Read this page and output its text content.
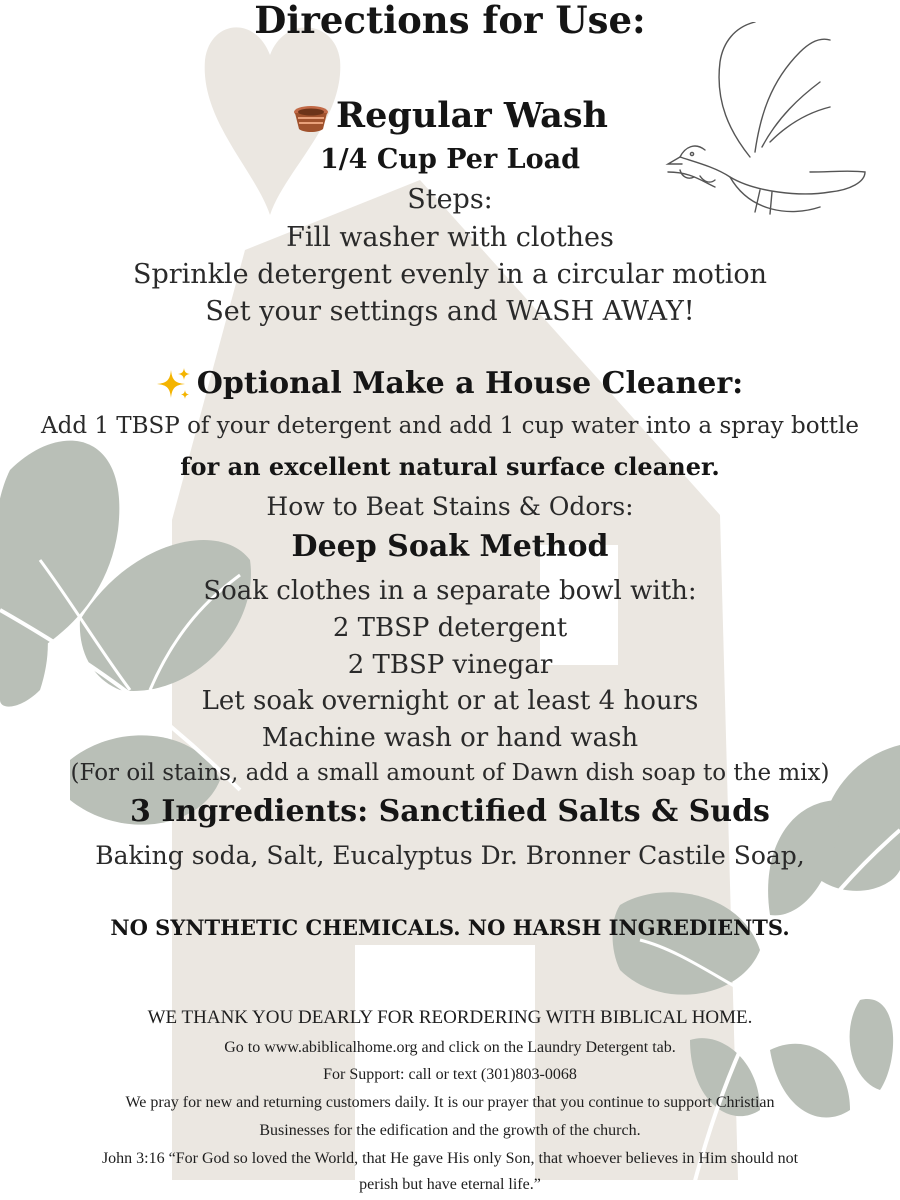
Directions for Use:
Regular Wash
1/4 Cup Per Load
Steps:
Fill washer with clothes
Sprinkle detergent evenly in a circular motion
Set your settings and WASH AWAY!
Optional Make a House Cleaner:
Add 1 TBSP of your detergent and add 1 cup water into a spray bottle
for an excellent natural surface cleaner.
How to Beat Stains & Odors:
Deep Soak Method
Soak clothes in a separate bowl with:
2 TBSP detergent
2 TBSP vinegar
Let soak overnight or at least 4 hours
Machine wash or hand wash
(For oil stains, add a small amount of Dawn dish soap to the mix)
3 Ingredients: Sanctified Salts & Suds
Baking soda, Salt, Eucalyptus Dr. Bronner Castile Soap,
NO SYNTHETIC CHEMICALS. NO HARSH INGREDIENTS.
WE THANK YOU DEARLY FOR REORDERING WITH BIBLICAL HOME.
Go to www.abiblicalhome.org and click on the Laundry Detergent tab.
For Support: call or text (301)803-0068
We pray for new and returning customers daily. It is our prayer that you continue to support Christian
Businesses for the edification and the growth of the church.
John 3:16 “For God so loved the World, that He gave His only Son, that whoever believes in Him should not
perish but have eternal life.”
